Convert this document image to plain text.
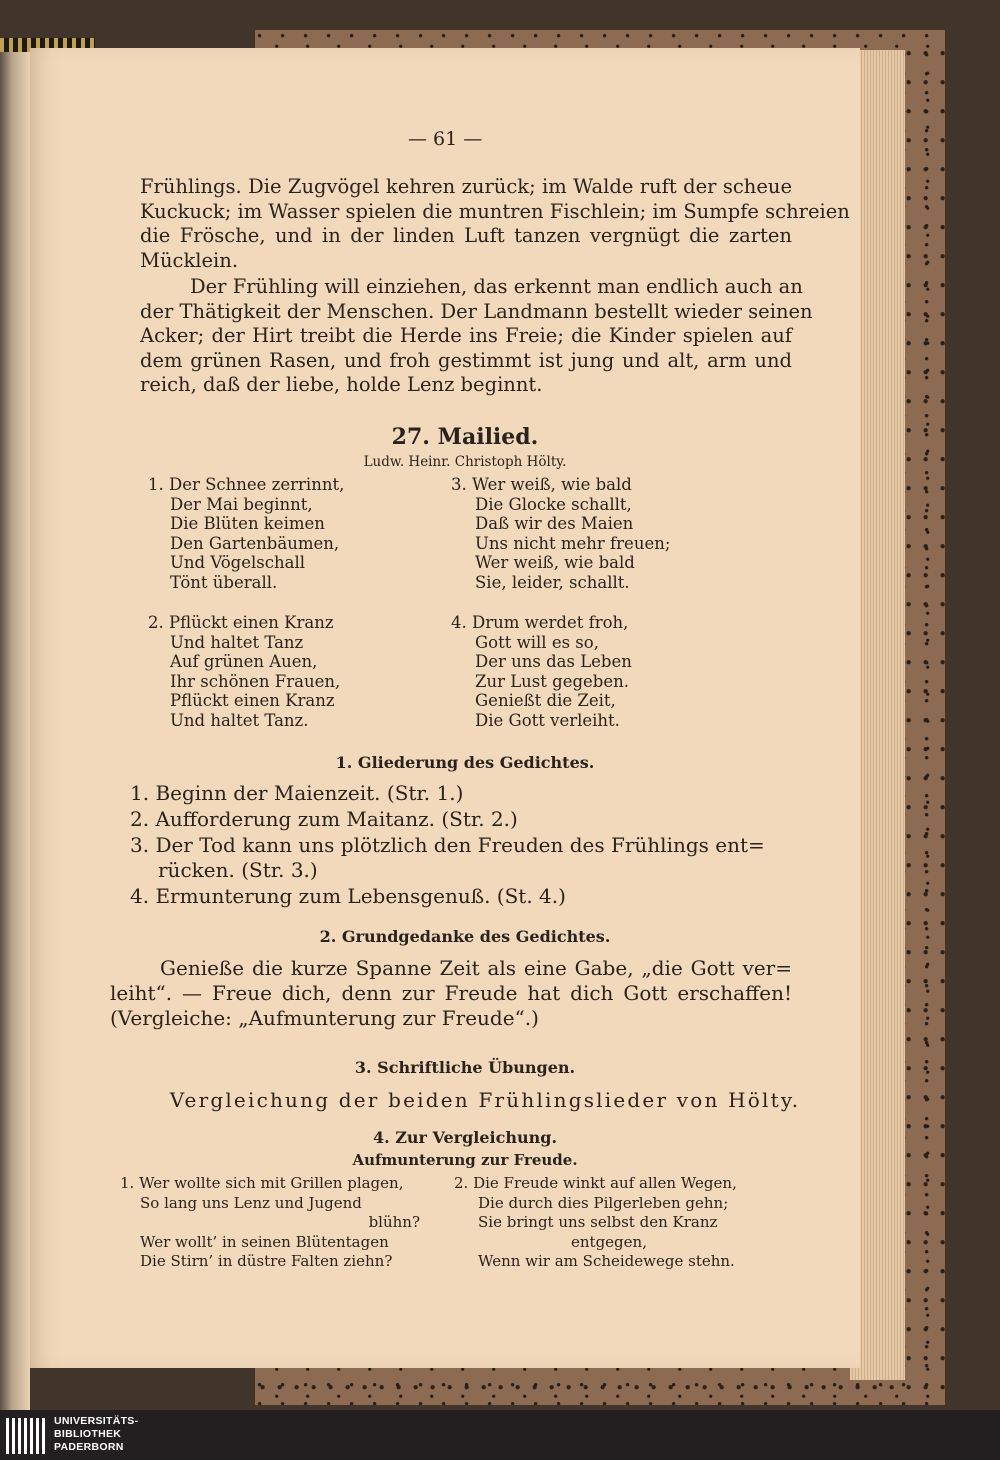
— 61 —
Frühlings. Die Zugvögel kehren zurück; im Walde ruft der scheue
Kuckuck; im Wasser spielen die muntren Fischlein; im Sumpfe schreien
die Frösche, und in der linden Luft tanzen vergnügt die zarten
Mücklein.
Der Frühling will einziehen, das erkennt man endlich auch an
der Thätigkeit der Menschen. Der Landmann bestellt wieder seinen
Acker; der Hirt treibt die Herde ins Freie; die Kinder spielen auf
dem grünen Rasen, und froh gestimmt ist jung und alt, arm und
reich, daß der liebe, holde Lenz beginnt.
27. Mailied.
Ludw. Heinr. Christoph Hölty.
1. Der Schnee zerrinnt,
Der Mai beginnt,
Die Blüten keimen
Den Gartenbäumen,
Und Vögelschall
Tönt überall.
3. Wer weiß, wie bald
Die Glocke schallt,
Daß wir des Maien
Uns nicht mehr freuen;
Wer weiß, wie bald
Sie, leider, schallt.
2. Pflückt einen Kranz
Und haltet Tanz
Auf grünen Auen,
Ihr schönen Frauen,
Pflückt einen Kranz
Und haltet Tanz.
4. Drum werdet froh,
Gott will es so,
Der uns das Leben
Zur Lust gegeben.
Genießt die Zeit,
Die Gott verleiht.
1. Gliederung des Gedichtes.
1. Beginn der Maienzeit. (Str. 1.)
2. Aufforderung zum Maitanz. (Str. 2.)
3. Der Tod kann uns plötzlich den Freuden des Frühlings ent=
rücken. (Str. 3.)
4. Ermunterung zum Lebensgenuß. (St. 4.)
2. Grundgedanke des Gedichtes.
Genieße die kurze Spanne Zeit als eine Gabe, „die Gott ver=
leiht“. — Freue dich, denn zur Freude hat dich Gott erschaffen!
(Vergleiche: „Aufmunterung zur Freude“.)
3. Schriftliche Übungen.
Vergleichung der beiden Frühlingslieder von Hölty.
4. Zur Vergleichung.
Aufmunterung zur Freude.
1. Wer wollte sich mit Grillen plagen,
So lang uns Lenz und Jugend
blühn?
Wer wollt’ in seinen Blütentagen
Die Stirn’ in düstre Falten ziehn?
2. Die Freude winkt auf allen Wegen,
Die durch dies Pilgerleben gehn;
Sie bringt uns selbst den Kranz
entgegen,
Wenn wir am Scheidewege stehn.
UNIVERSITÄTS-
BIBLIOTHEK
PADERBORN
